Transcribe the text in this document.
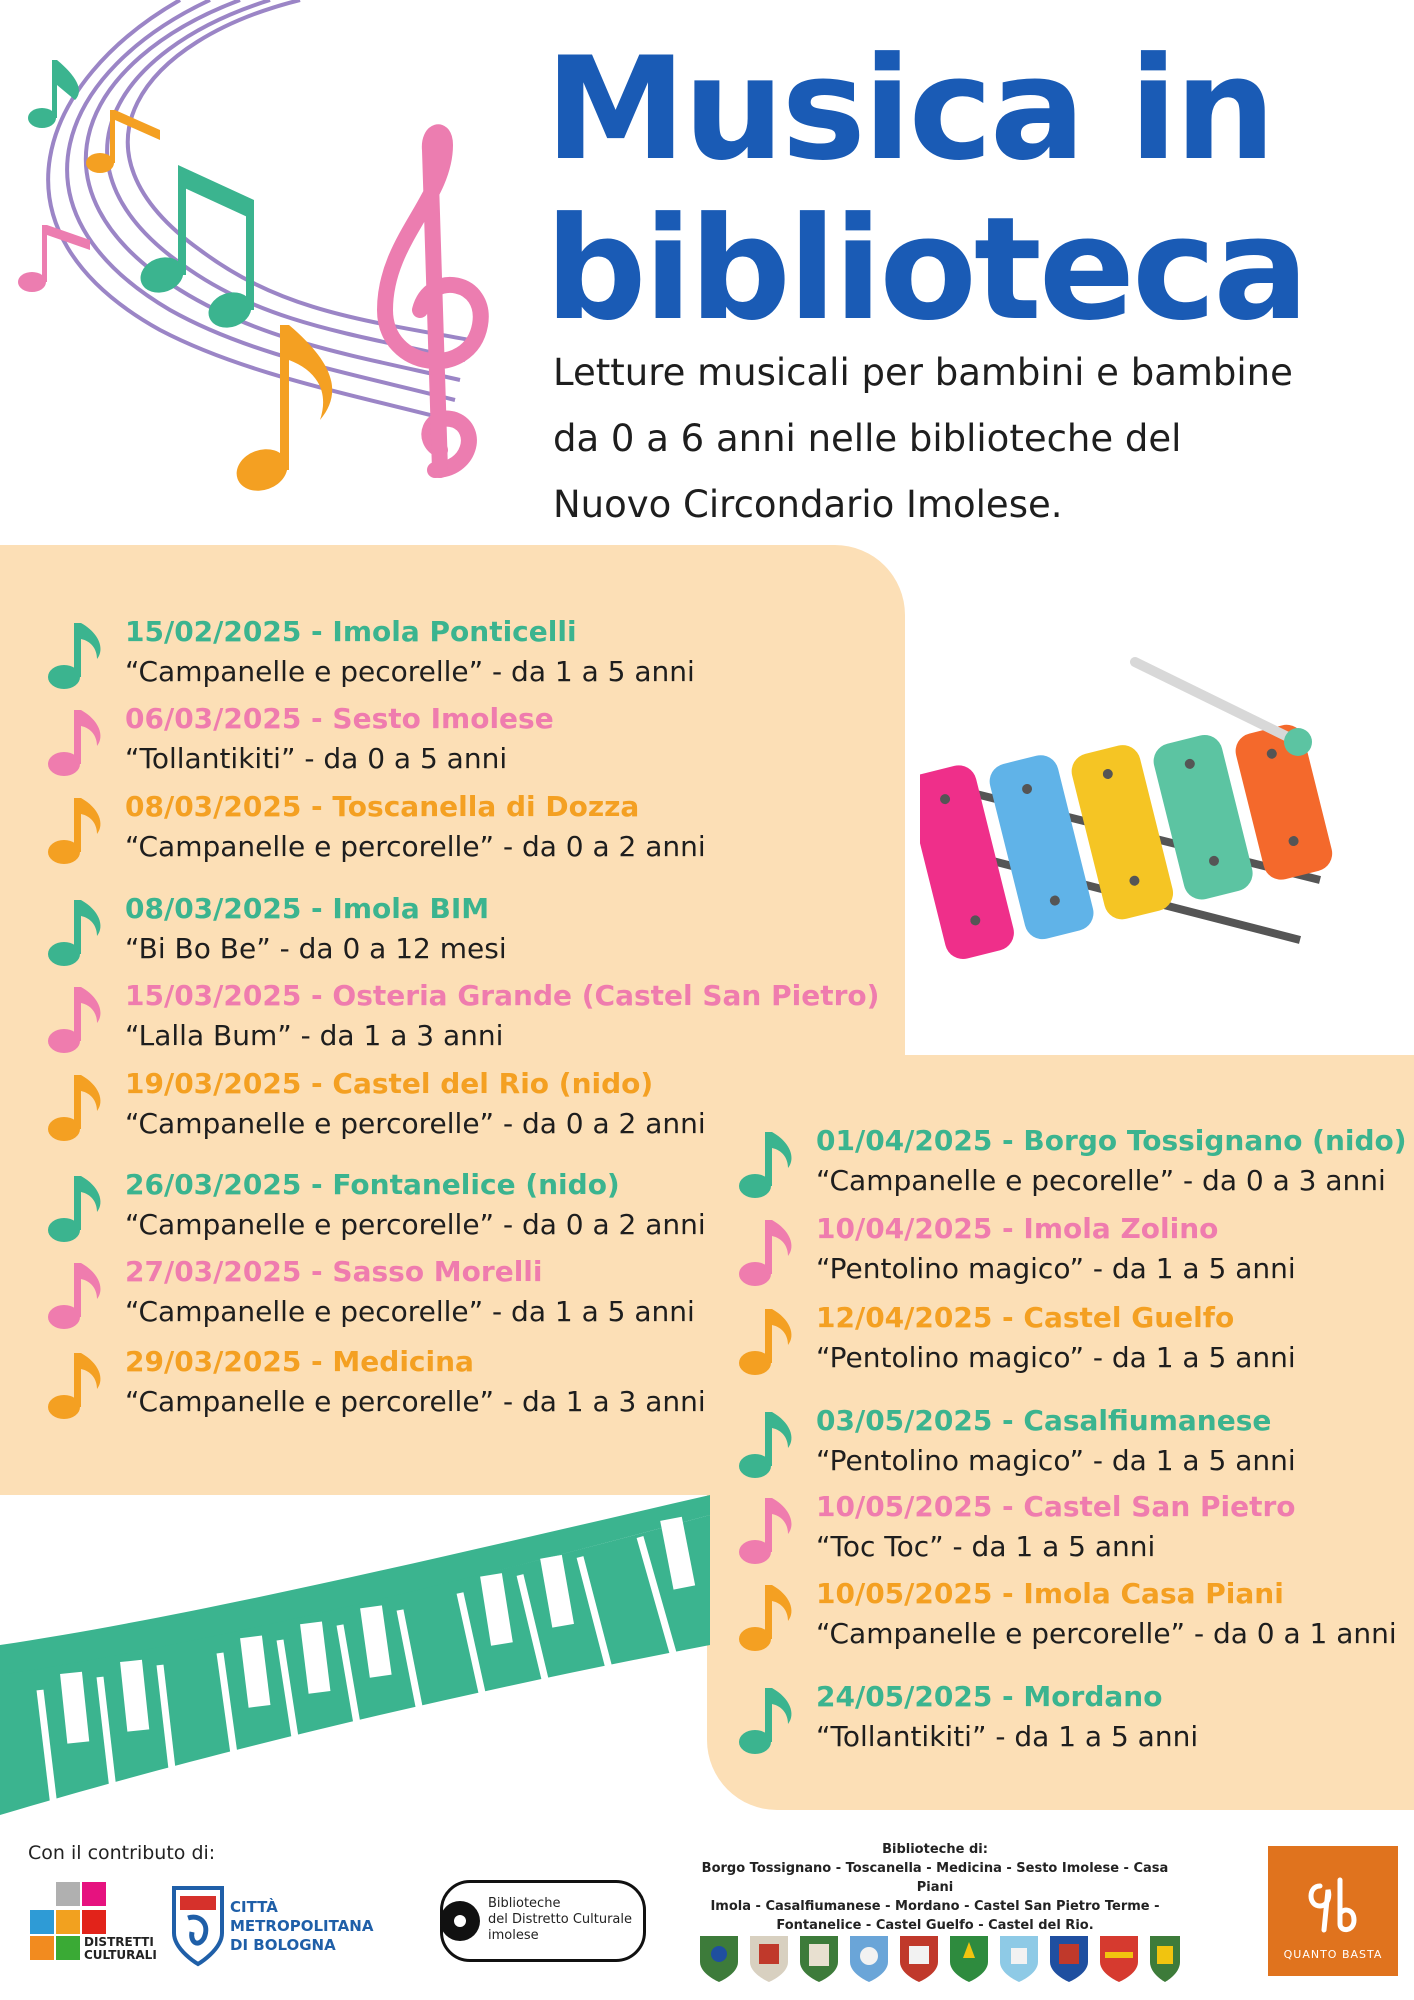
Musica in
biblioteca
Letture musicali per bambini e bambine
da 0 a 6 anni nelle biblioteche del
Nuovo Circondario Imolese.
15/02/2025 - Imola Ponticelli
“Campanelle e pecorelle” - da 1 a 5 anni
06/03/2025 - Sesto Imolese
“Tollantikiti” - da 0 a 5 anni
08/03/2025 - Toscanella di Dozza
“Campanelle e percorelle” - da 0 a 2 anni
08/03/2025 - Imola BIM
“Bi Bo Be” - da 0 a 12 mesi
15/03/2025 - Osteria Grande (Castel San Pietro)
“Lalla Bum” - da 1 a 3 anni
19/03/2025 - Castel del Rio (nido)
“Campanelle e percorelle” - da 0 a 2 anni
26/03/2025 - Fontanelice (nido)
“Campanelle e percorelle” - da 0 a 2 anni
27/03/2025 - Sasso Morelli
“Campanelle e pecorelle” - da 1 a 5 anni
29/03/2025 - Medicina
“Campanelle e percorelle” - da 1 a 3 anni
01/04/2025 - Borgo Tossignano (nido)
“Campanelle e pecorelle” - da 0 a 3 anni
10/04/2025 - Imola Zolino
“Pentolino magico” - da 1 a 5 anni
12/04/2025 - Castel Guelfo
“Pentolino magico” - da 1 a 5 anni
03/05/2025 - Casalfiumanese
“Pentolino magico” - da 1 a 5 anni
10/05/2025 - Castel San Pietro
“Toc Toc” - da 1 a 5 anni
10/05/2025 - Imola Casa Piani
“Campanelle e percorelle” - da 0 a 1 anni
24/05/2025 - Mordano
“Tollantikiti” - da 1 a 5 anni
Con il contributo di:
DISTRETTI
CULTURALI
CITTÀ
METROPOLITANA
DI BOLOGNA
Biblioteche
del Distretto Culturale
imolese
Biblioteche di:
Borgo Tossignano - Toscanella - Medicina - Sesto Imolese - Casa Piani
Imola - Casalfiumanese - Mordano - Castel San Pietro Terme -
Fontanelice - Castel Guelfo - Castel del Rio.
QUANTO BASTA
